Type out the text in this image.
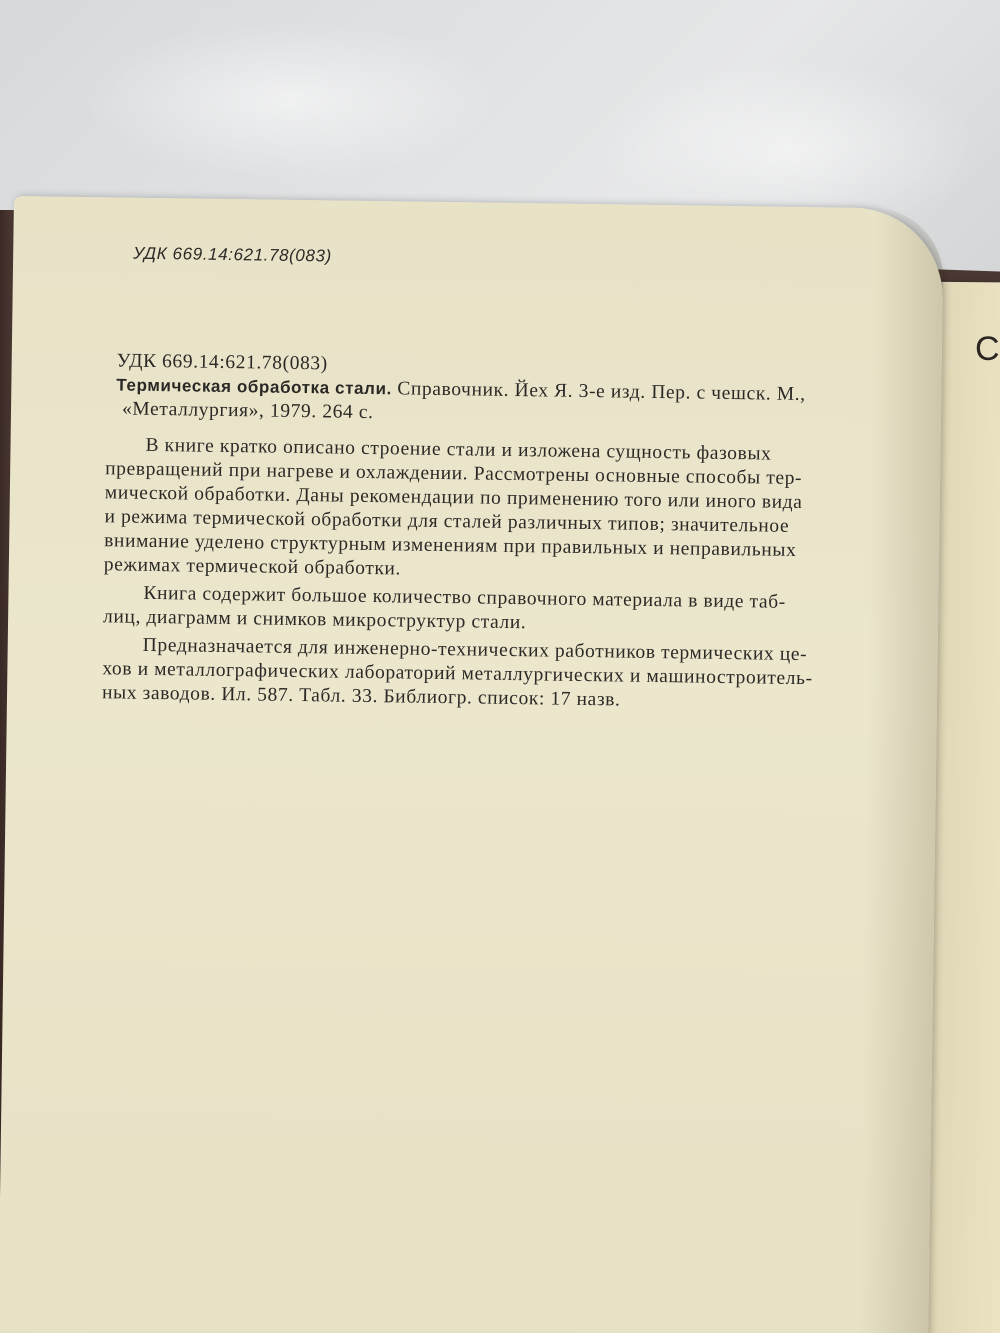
C
УДК 669.14:621.78(083)
УДК 669.14:621.78(083)
Термическая обработка стали. Справочник. Йех Я. 3-е изд. Пер. с чешск. М.,
«Металлургия», 1979. 264 с.
В книге кратко описано строение стали и изложена сущность фазовых
превращений при нагреве и охлаждении. Рассмотрены основные способы тер-
мической обработки. Даны рекомендации по применению того или иного вида
и режима термической обработки для сталей различных типов; значительное
внимание уделено структурным изменениям при правильных и неправильных
режимах термической обработки.
Книга содержит большое количество справочного материала в виде таб-
лиц, диаграмм и снимков микроструктур стали.
Предназначается для инженерно-технических работников термических це-
хов и металлографических лабораторий металлургических и машиностроитель-
ных заводов. Ил. 587. Табл. 33. Библиогр. список: 17 назв.
